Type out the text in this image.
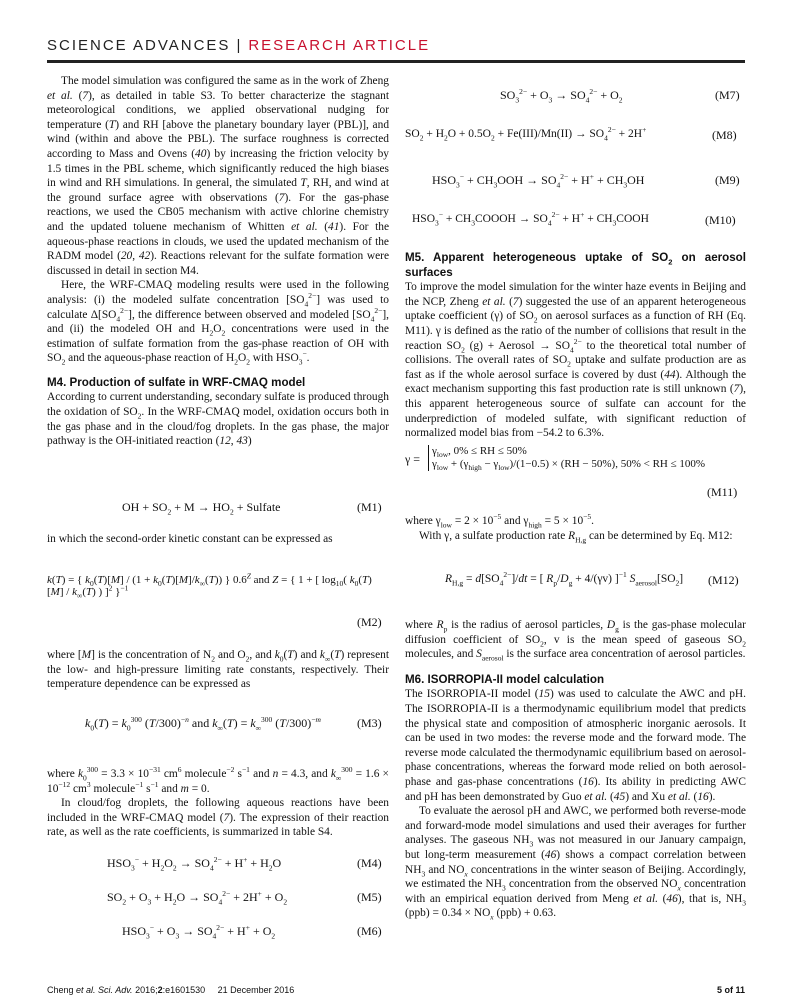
SCIENCE ADVANCES | RESEARCH ARTICLE

The model simulation was configured the same as in the work of Zheng et al. (7), as detailed in table S3. To better characterize the stagnant meteorological conditions, we applied observational nudging for temperature (T) and RH [above the planetary boundary layer (PBL)], and wind (within and above the PBL). The surface roughness is corrected according to Mass and Ovens (40) by increasing the friction velocity by 1.5 times in the PBL scheme, which significantly reduced the high biases in wind and RH simulations. In general, the simulated T, RH, and wind at the ground surface agree with observations (7). For the gas-phase reactions, we used the CB05 mechanism with active chlorine chemistry and the updated toluene mechanism of Whitten et al. (41). For the aqueous-phase reactions in clouds, we used the updated mechanism of the RADM model (20, 42). Reactions relevant for the sulfate formation were discussed in detail in section M4.

Here, the WRF-CMAQ modeling results were used in the following analysis: (i) the modeled sulfate concentration $[SO_4^{2-}]$ was used to calculate $\Delta[SO_4^{2-}]$, the difference between observed and modeled $[SO_4^{2-}]$, and (ii) the modeled OH and $H_2O_2$ concentrations were used in the estimation of sulfate formation from the gas-phase reaction of OH with $SO_2$ and the aqueous-phase reaction of $H_2O_2$ with $HSO_3^-$.

M4. Production of sulfate in WRF-CMAQ model

According to current understanding, secondary sulfate is produced through the oxidation of $SO_2$. In the WRF-CMAQ model, oxidation occurs both in the gas phase and in the cloud/fog droplets. In the gas phase, the major pathway is the OH-initiated reaction (12, 43)

OH + $SO_2 + M \to HO_2$ + Sulfate	(M1)
in which the second-order kinetic constant can be expressed as
k(T) = { $k_0(T)[M] / (1 + k_0(T)[M]/k_\infty(T))$ } $0.6^Z$ and Z = { 1 + [ $\log_{10}$( $k_0(T)[M] / k_\infty(T)$ ) ]$^2$ }$^{-1}$
(M2)
where [M] is the concentration of $N_2$ and $O_2$, and $k_0(T)$ and $k_\infty(T)$ represent the low- and high-pressure limiting rate constants, respectively. Their temperature dependence can be expressed as
$k_0(T) = k_0^{300}$ $(T/300)^{-n}$ and $k_\infty(T) = k_\infty^{300}$ $(T/300)^{-m}$	(M3)

where $k_0^{300} = 3.3 \times 10^{-31}$ $cm^6$ molecule$^{-2}$ $s^{-1}$ and n = 4.3, and $k_\infty^{300} = 1.6 \times 10^{-12}$ $cm^3$ molecule$^{-1}$ $s^{-1}$ and m = 0.

In cloud/fog droplets, the following aqueous reactions have been included in the WRF-CMAQ model (7). The expression of their reaction rate, as well as the rate coefficients, is summarized in table S4.

$HSO_3^- + H_2O_2 \to SO_4^{2-} + H^+ + H_2O$	(M4)
$SO_2 + O_3 + H_2O \to SO_4^{2-} + 2H^+ + O_2$	(M5)
$HSO_3^- + O_3 \to SO_4^{2-} + H^+ + O_2$	(M6)
$SO_3^{2-} + O_3 \to SO_4^{2-} + O_2$	(M7)
$SO_2 + H_2O + 0.5O_2 + Fe(III)/Mn(II) \to SO_4^{2-} + 2H^+$	(M8)
$HSO_3^- + CH_3OOH \to SO_4^{2-} + H^+ + CH_3OH$	(M9)
$HSO_3^-$ + $CH_3COOOH \to SO_4^{2-} + H^+$ + $CH_3COOH$	(M10)

M5. Apparent heterogeneous uptake of $SO_2$ on aerosol surfaces

To improve the model simulation for the winter haze events in Beijing and the NCP, Zheng et al. (7) suggested the use of an apparent heterogeneous uptake coefficient (γ) of $SO_2$ on aerosol surfaces as a function of RH (Eq. M11). γ is defined as the ratio of the number of collisions that result in the reaction $SO_2$ (g) + Aerosol → $SO_4^{2-}$ to the theoretical total number of collisions. The overall rates of $SO_2$ uptake and sulfate production are as fast as if the whole aerosol surface is covered by dust (44). Although the exact mechanism supporting this fast production rate is still unknown (7), this apparent heterogeneous source of sulfate can account for the underprediction of modeled sulfate, with significant reduction of normalized model bias from −54.2 to 6.3%.

γ =
$\gamma_{low}$, 0% ≤ RH ≤ 50%
$\gamma_{low} + (\gamma_{high} - \gamma_{low})/(1-0.5) \times (RH - 50\%)$, 50% < RH ≤ 100%
(M11)

where $\gamma_{low} = 2 \times 10^{-5}$ and $\gamma_{high} = 5 \times 10^{-5}$.

With γ, a sulfate production rate $R_{H,g}$ can be determined by Eq. M12:

$R_{H,g} = d[SO_4^{2-}]/dt$ = [ $R_p/D_g + 4/(\gamma v)$ ]$^{-1}$ $S_{aerosol}[SO_2]$ (M12)

where $R_p$ is the radius of aerosol particles, $D_g$ is the gas-phase molecular diffusion coefficient of $SO_2$, v is the mean speed of gaseous $SO_2$ molecules, and $S_{aerosol}$ is the surface area concentration of aerosol particles.

M6. ISORROPIA-II model calculation

The ISORROPIA-II model (15) was used to calculate the AWC and pH. The ISORROPIA-II is a thermodynamic equilibrium model that predicts the physical state and composition of atmospheric inorganic aerosols. It can be used in two modes: the reverse mode and the forward mode. The reverse mode calculated the thermodynamic equilibrium based on aerosol-phase concentrations, whereas the forward mode relied on both aerosol-phase and gas-phase concentrations (16). Its ability in predicting AWC and pH has been demonstrated by Guo et al. (45) and Xu et al. (16).

To evaluate the aerosol pH and AWC, we performed both reverse-mode and forward-mode model simulations and used their averages for further analyses. The gaseous $NH_3$ was not measured in our January campaign, but long-term measurement (46) shows a compact correlation between $NH_3$ and $NO_x$ concentrations in the winter season of Beijing. Accordingly, we estimated the $NH_3$ concentration from the observed $NO_x$ concentration with an empirical equation derived from Meng et al. (46), that is, $NH_3$ $(ppb) = 0.34 \times NO_x$ (ppb) + 0.63.

Cheng et al. Sci. Adv. 2016;2:e1601530     21 December 2016	5 of 11
